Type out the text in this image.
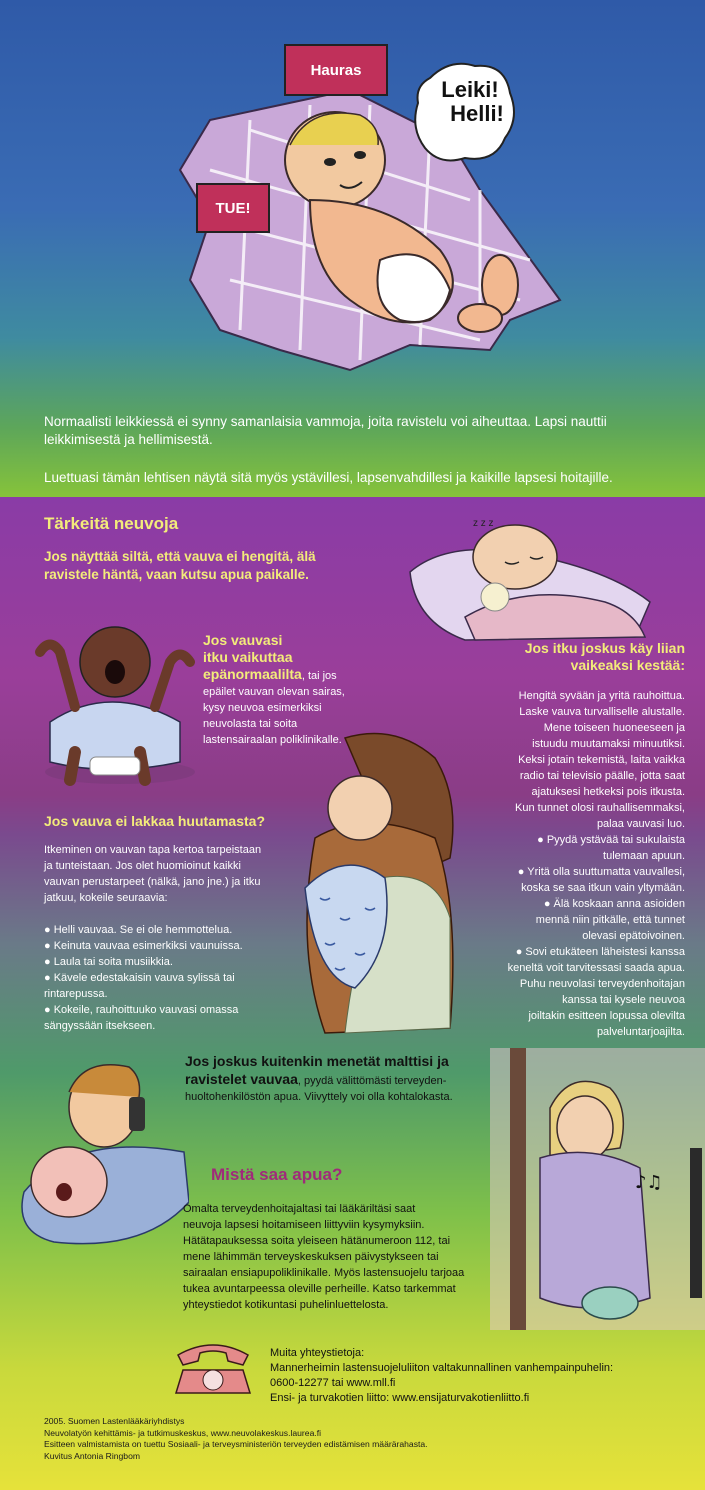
Hauras
TUE!
Leiki!
Helli!
Normaalisti leikkiessä ei synny samanlaisia vammoja, joita ravistelu voi aiheuttaa. Lapsi nauttii leikkimisestä ja hellimisestä.
Luettuasi tämän lehtisen näytä sitä myös ystävillesi, lapsenvahdillesi ja kaikille lapsesi hoitajille.
Tärkeitä neuvoja
Jos näyttää siltä, että vauva ei hengitä, älä
ravistele häntä, vaan kutsu apua paikalle.
z z z
Jos vauvasi
itku vaikuttaa
epänormaalilta, tai jos
epäilet vauvan olevan sairas,
kysy neuvoa esimerkiksi
neuvolasta tai soita
lastensairaalan poliklinikalle.
Jos itku joskus käy liian
vaikeaksi kestää:
Hengitä syvään ja yritä rauhoittua.
Laske vauva turvalliselle alustalle.
Mene toiseen huoneeseen ja
istuudu muutamaksi minuutiksi.
Keksi jotain tekemistä, laita vaikka
radio tai televisio päälle, jotta saat
ajatuksesi hetkeksi pois itkusta.
Kun tunnet olosi rauhallisemmaksi,
palaa vauvasi luo.
● Pyydä ystävää tai sukulaista
tulemaan apuun.
● Yritä olla suuttumatta vauvallesi,
koska se saa itkun vain yltymään.
● Älä koskaan anna asioiden
mennä niin pitkälle, että tunnet
olevasi epätoivoinen.
● Sovi etukäteen läheistesi kanssa
keneltä voit tarvitessasi saada apua.
Puhu neuvolasi terveydenhoitajan
kanssa tai kysele neuvoa
joiltakin esitteen lopussa olevilta
palveluntarjoajilta.
Jos vauva ei lakkaa huutamasta?
Itkeminen on vauvan tapa kertoa tarpeistaan
ja tunteistaan. Jos olet huomioinut kaikki
vauvan perustarpeet (nälkä, jano jne.) ja itku
jatkuu, kokeile seuraavia:
● Helli vauvaa. Se ei ole hemmottelua.
● Keinuta vauvaa esimerkiksi vaunuissa.
● Laula tai soita musiikkia.
● Kävele edestakaisin vauva sylissä tai
rintarepussa.
● Kokeile, rauhoittuuko vauvasi omassa
sängyssään itsekseen.
Jos joskus kuitenkin menetät malttisi ja
ravistelet vauvaa, pyydä välittömästi terveyden-
huoltohenkilöstön apua. Viivyttely voi olla kohtalokasta.
♪♫
Mistä saa apua?
Omalta terveydenhoitajaltasi tai lääkäriltäsi saat
neuvoja lapsesi hoitamiseen liittyviin kysymyksiin.
Hätätapauksessa soita yleiseen hätänumeroon 112, tai
mene lähimmän terveyskeskuksen päivystykseen tai
sairaalan ensiapupoliklinikalle. Myös lastensuojelu tarjoaa
tukea avuntarpeessa oleville perheille. Katso tarkemmat
yhteystiedot kotikuntasi puhelinluettelosta.
Muita yhteystietoja:
Mannerheimin lastensuojeluliiton valtakunnallinen vanhempainpuhelin:
0600-12277 tai www.mll.fi
Ensi- ja turvakotien liitto: www.ensijaturvakotienliitto.fi
2005. Suomen Lastenlääkäriyhdistys
Neuvolatyön kehittämis- ja tutkimuskeskus, www.neuvolakeskus.laurea.fi
Esitteen valmistamista on tuettu Sosiaali- ja terveysministeriön terveyden edistämisen määrärahasta.
Kuvitus Antonia Ringbom
